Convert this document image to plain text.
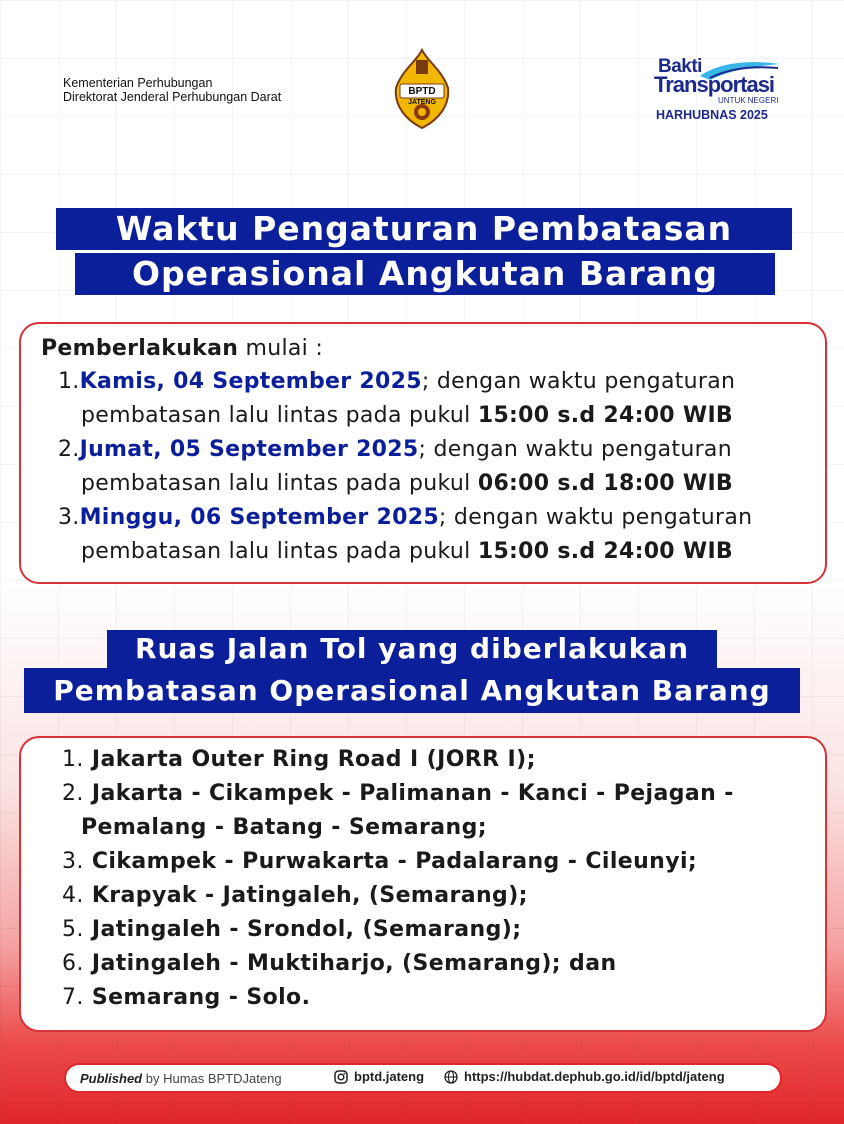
Kementerian Perhubungan
Direktorat Jenderal Perhubungan Darat	BPTD
JATENG
Bakti
Transportasi
UNTUK NEGERI
HARHUBNAS 2025
Waktu Pengaturan Pembatasan
Operasional Angkutan Barang
Pemberlakukan mulai :
1.Kamis, 04 September 2025; dengan waktu pengaturan
pembatasan lalu lintas pada pukul 15:00 s.d 24:00 WIB
2.Jumat, 05 September 2025; dengan waktu pengaturan
pembatasan lalu lintas pada pukul 06:00 s.d 18:00 WIB
3.Minggu, 06 September 2025; dengan waktu pengaturan
pembatasan lalu lintas pada pukul 15:00 s.d 24:00 WIB
Ruas Jalan Tol yang diberlakukan
Pembatasan Operasional Angkutan Barang
1. Jakarta Outer Ring Road I (JORR I);
2. Jakarta - Cikampek - Palimanan - Kanci - Pejagan -
Pemalang - Batang - Semarang;
3. Cikampek - Purwakarta - Padalarang - Cileunyi;
4. Krapyak - Jatingaleh, (Semarang);
5. Jatingaleh - Srondol, (Semarang);
6. Jatingaleh - Muktiharjo, (Semarang); dan
7. Semarang - Solo.
Published by Humas BPTDJateng	bptd.jateng	https://hubdat.dephub.go.id/id/bptd/jateng
